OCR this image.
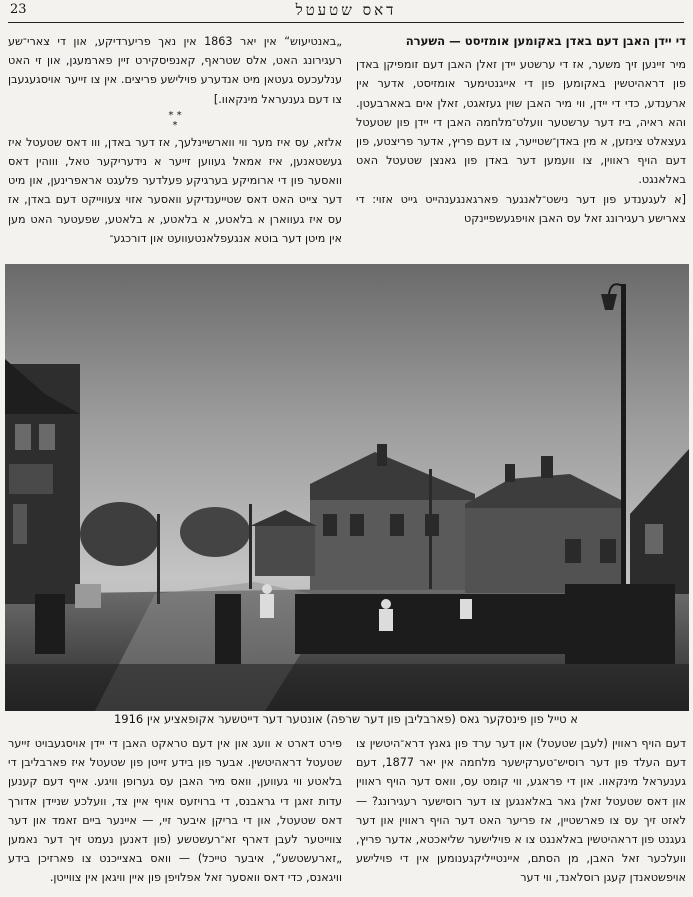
23	דאס שטעטל

די יידן האבן דעם באדן באקומען אומזיסט — השערה

מיר זיינען זיך משער, אז די ערשטע יידן זאלן האבן דעם זומפיקן באדן פון דראהיטשין באקומען פון די אייגנטימער אומזיסט, אדער אין ארענדע, כדי די יידן, ווי מיר האבן שוין געזאגט, זאלן אים באארבעטן. והא ראיה, ביז דער ערשטער וועלט־מלחמה האבן די יידן פון שטעטל געצאלט צינזען, א מין באדן־שטייער, צו דעם פריץ, אדער פריצטע, פון דעם הויף ראווין, צו וועמען דער באדן פון גאנצן שטעטל האט באלאנגט.

[א לעגענדע פון דער נישט־לאנגער פארגאנגענהייט גייט אזוי: די צארישע רעגירונג זאל עס האבן אויפגעשפיינקט

„באנטיעוש“ אין יאר 1863 אין נאך פריערדיקע, און די צארי־שע רעגירונג האט, אלס שטראף, קאנפיסקירט זיין פארמעגן, און זי האט ענלעכעס געטאן מיט אנדערע פוילישע פריצים. אין צו זייער אויסגעגעבן צו דעם גענעראל מינקאוו.]

* *
*

אלזא, עס איז מער ווי ווארשיינלעך, אז דער באדן, ווו דאס שטעטל איז געשטאנען, איז אמאל געווען זייער א נידעריקער טאל, וווהין דאס וואסער פון די ארומיקע בערגיקע פעלדער פלעגט אראפרינען, און מיט דער צייט האט דאס שטייענדיקע וואסער אזוי צעווייקט דעם באדן, אז עס איז געווארן א בלאטע, א בלאטע, א בלאטע, שפעטער האט מען אין מיטן דער בוטא אנגעפלאנטעוועט און דורכגע־

א טייל פון פינסקער גאס (פארבליבן פון דער שרפה) אונטער דער דייטשער אקופאציע אין 1916

דעם הויף ראווין (לעבן שטעטל) און דער ערד פון גאנץ דרא־היטשין צו דעם העלד פון דער רוסיש־טערקישער מלחמה אין יאר 1877, דעם גענעראל מינקאוו. און די פראגע, ווי קומט עס, וואס דער הויף ראווין און דאס שטעטל זאלן גאר באלאנגען צו דער רוסישער רעגירונג? — לאזט זיך עס צו פארשטיין, אז פריער האט דער הויף ראווין און דער געגנט פון דראהיטשין באלאנגט צו א פוילישער שליאכטא, אדער פריץ, וועלכער זאל האבן, מן הסתם, איינטייליקגענומען אין די פוילישע אויפשטאנדן קעגן רוסלאנד, ווי דער

פירט דארט א וועג און אין דעם טראקט האבן די יידן אויסגעבויט זייער שטעטל דראהיטשין. אבער פון בידע זייטן פון שטעטל איז פארבליבן די בלאטע ווי געווען, וואס מיר האבן עס גערופן וויגע. אייף דעם קענען עדות זאגן די גראבנס, די ברויזעס אויף איין צד, וועלכע שניידן אדורך דאס שטעטל, און די בריקן איבער זיי, — איינער ביים זאמד און דער צווייטער לעבן דארף זא־רעשטשע (פון דאנען נעמט זיך דער נאמען „זארעשטשע“, איבער טייכל) — וואס באצייכנט צו פארזיכן בידע וויגאנס, כדי דאס וואסער זאל אפלויפן פון איין וויגאן אין צווייטן.
